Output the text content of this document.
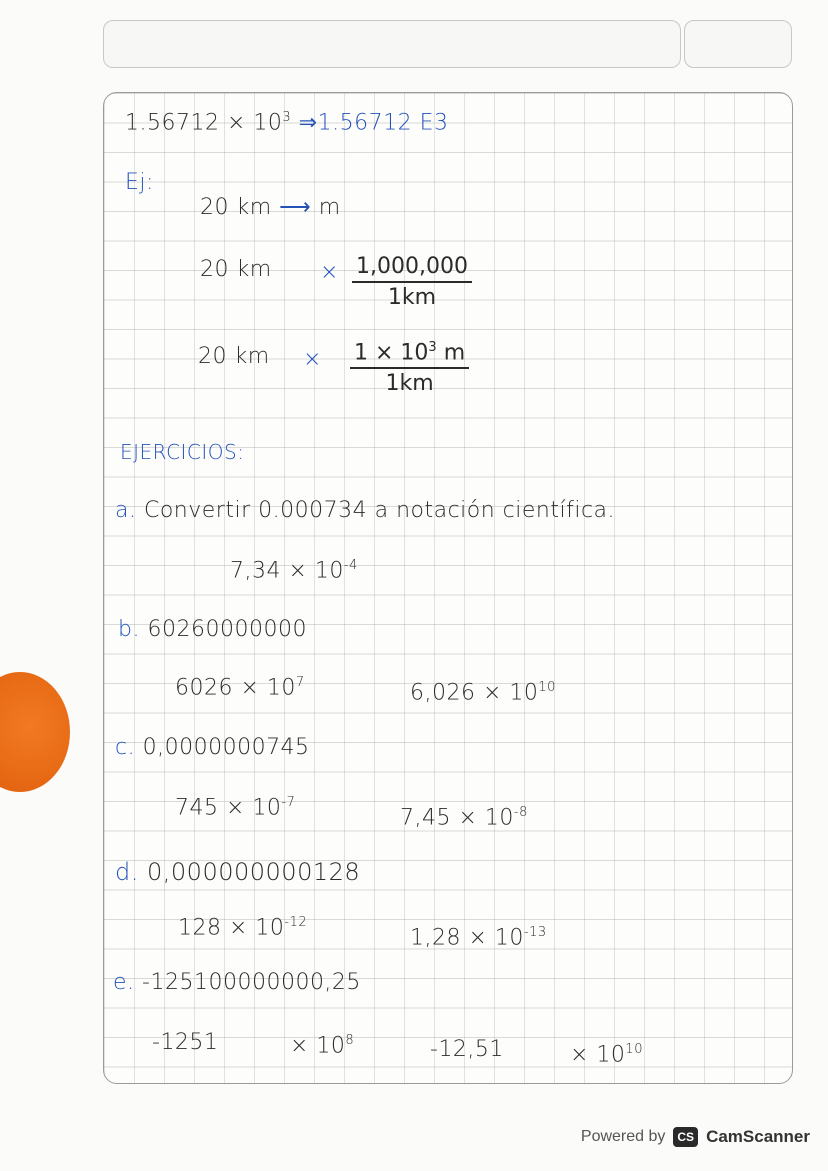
$1.56712 \times 10^3$ ⇒1.56712 E3
Ej:
20 km ⟶ m
20 km × $\frac{1,000,000}{1km}$
20 km × $\frac{1 \times 10^3 m}{1km}$
EJERCICIOS:
a. Convertir 0.000734 a notación científica.
$7,34 \times 10^{-4}$
b. 60260000000
$6026 \times 10^7$	$6,026 \times 10^{10}$
c. 0,0000000745
$745 \times 10^{-7}$
$7,45 \times 10^{-8}$
d. 0,000000000128
$128 \times 10^{-12}$
$1,28 \times 10^{-13}$
e. -125100000000,25
-1251	× $10^8$	-12,51	× $10^{10}$
Powered by	CS CamScanner
